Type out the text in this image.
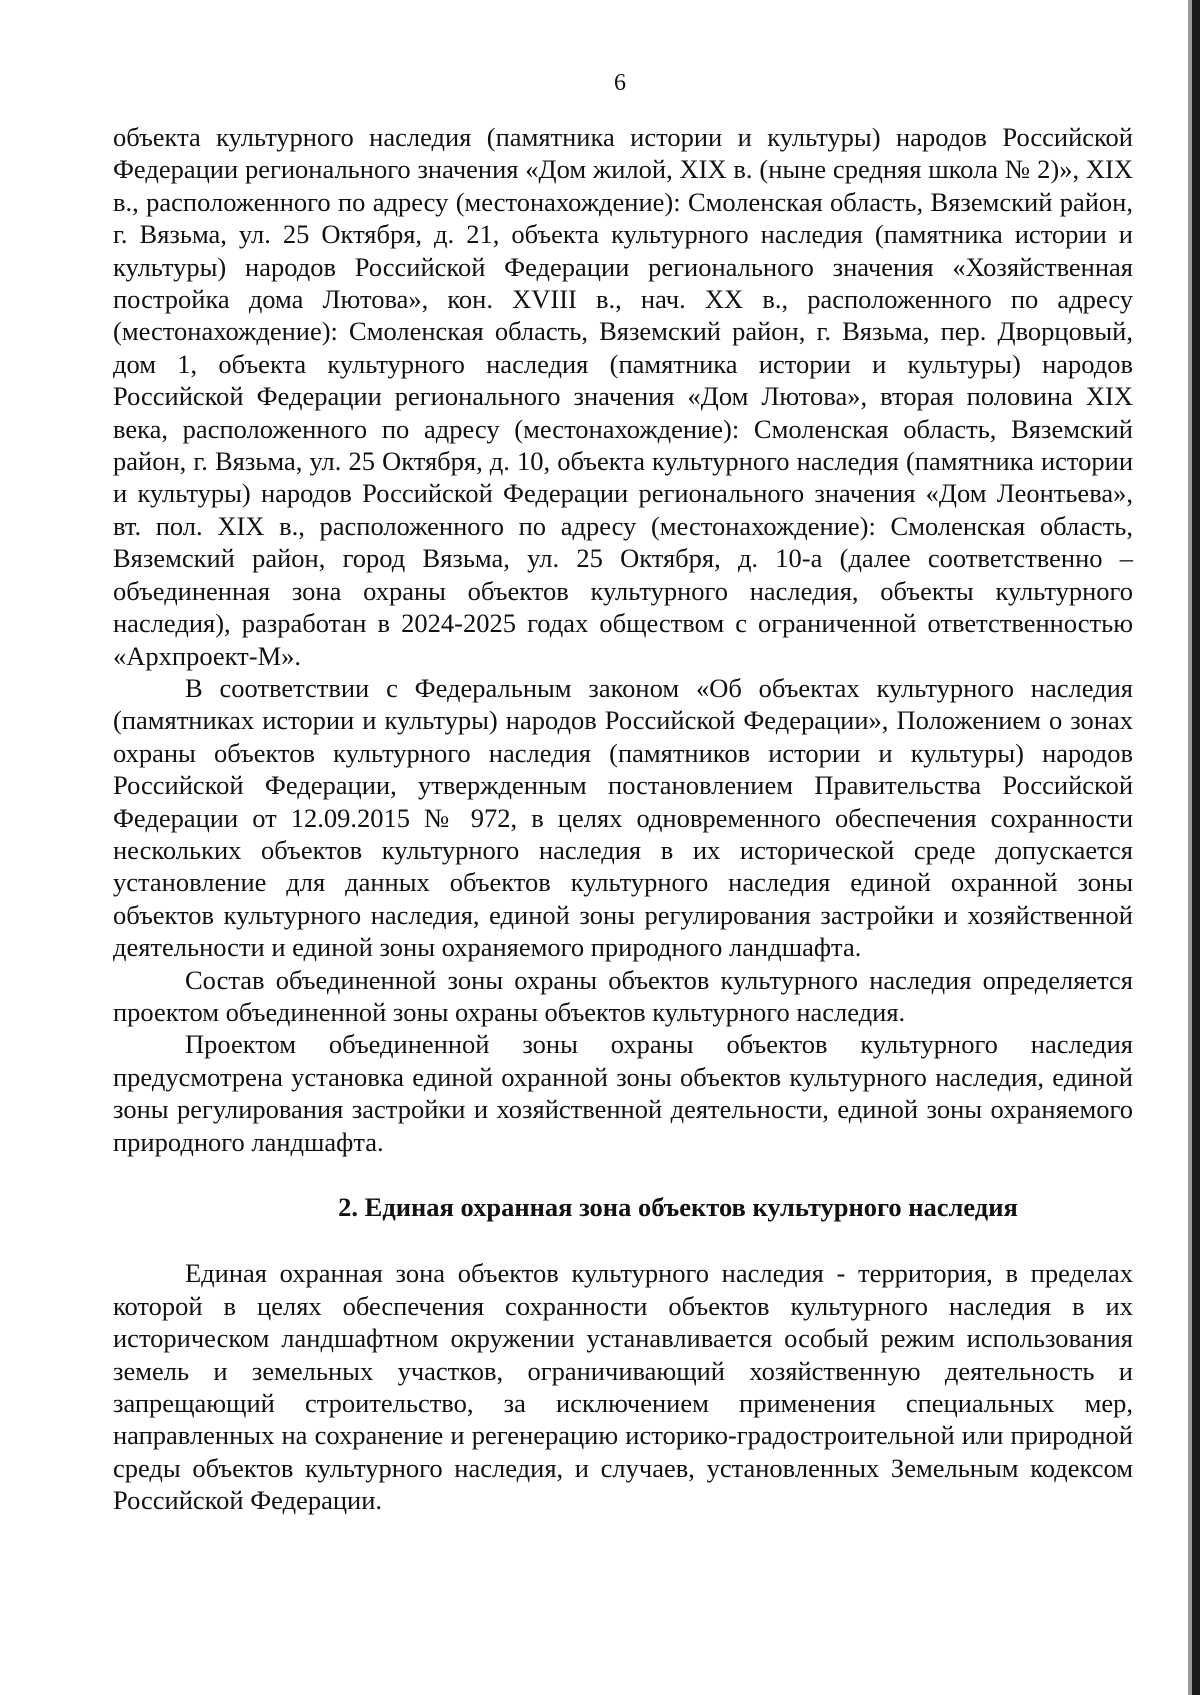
6

объекта культурного наследия (памятника истории и культуры) народов Российской Федерации регионального значения «Дом жилой, XIX в. (ныне средняя школа № 2)», XIX в., расположенного по адресу (местонахождение): Смоленская область, Вяземский район, г. Вязьма, ул. 25 Октября, д. 21, объекта культурного наследия (памятника истории и культуры) народов Российской Федерации регионального значения «Хозяйственная постройка дома Лютова», кон. XVIII в., нач. XX в., расположенного по адресу (местонахождение): Смоленская область, Вяземский район, г. Вязьма, пер. Дворцовый, дом 1, объекта культурного наследия (памятника истории и культуры) народов Российской Федерации регионального значения «Дом Лютова», вторая половина XIX века, расположенного по адресу (местонахождение): Смоленская область, Вяземский район, г. Вязьма, ул. 25 Октября, д. 10, объекта культурного наследия (памятника истории и культуры) народов Российской Федерации регионального значения «Дом Леонтьева», вт. пол. XIX в., расположенного по адресу (местонахождение): Смоленская область, Вяземский район, город Вязьма, ул. 25 Октября, д. 10-а (далее соответственно – объединенная зона охраны объектов культурного наследия, объекты культурного наследия), разработан в 2024-2025 годах обществом с ограниченной ответственностью «Архпроект-М».

В соответствии с Федеральным законом «Об объектах культурного наследия (памятниках истории и культуры) народов Российской Федерации», Положением о зонах охраны объектов культурного наследия (памятников истории и культуры) народов Российской Федерации, утвержденным постановлением Правительства Российской Федерации от 12.09.2015 № 972, в целях одновременного обеспечения сохранности нескольких объектов культурного наследия в их исторической среде допускается установление для данных объектов культурного наследия единой охранной зоны объектов культурного наследия, единой зоны регулирования застройки и хозяйственной деятельности и единой зоны охраняемого природного ландшафта.

Состав объединенной зоны охраны объектов культурного наследия определяется проектом объединенной зоны охраны объектов культурного наследия.

Проектом объединенной зоны охраны объектов культурного наследия предусмотрена установка единой охранной зоны объектов культурного наследия, единой зоны регулирования застройки и хозяйственной деятельности, единой зоны охраняемого природного ландшафта.

2. Единая охранная зона объектов культурного наследия

Единая охранная зона объектов культурного наследия - территория, в пределах которой в целях обеспечения сохранности объектов культурного наследия в их историческом ландшафтном окружении устанавливается особый режим использования земель и земельных участков, ограничивающий хозяйственную деятельность и запрещающий строительство, за исключением применения специальных мер, направленных на сохранение и регенерацию историко-градостроительной или природной среды объектов культурного наследия, и случаев, установленных Земельным кодексом Российской Федерации.
